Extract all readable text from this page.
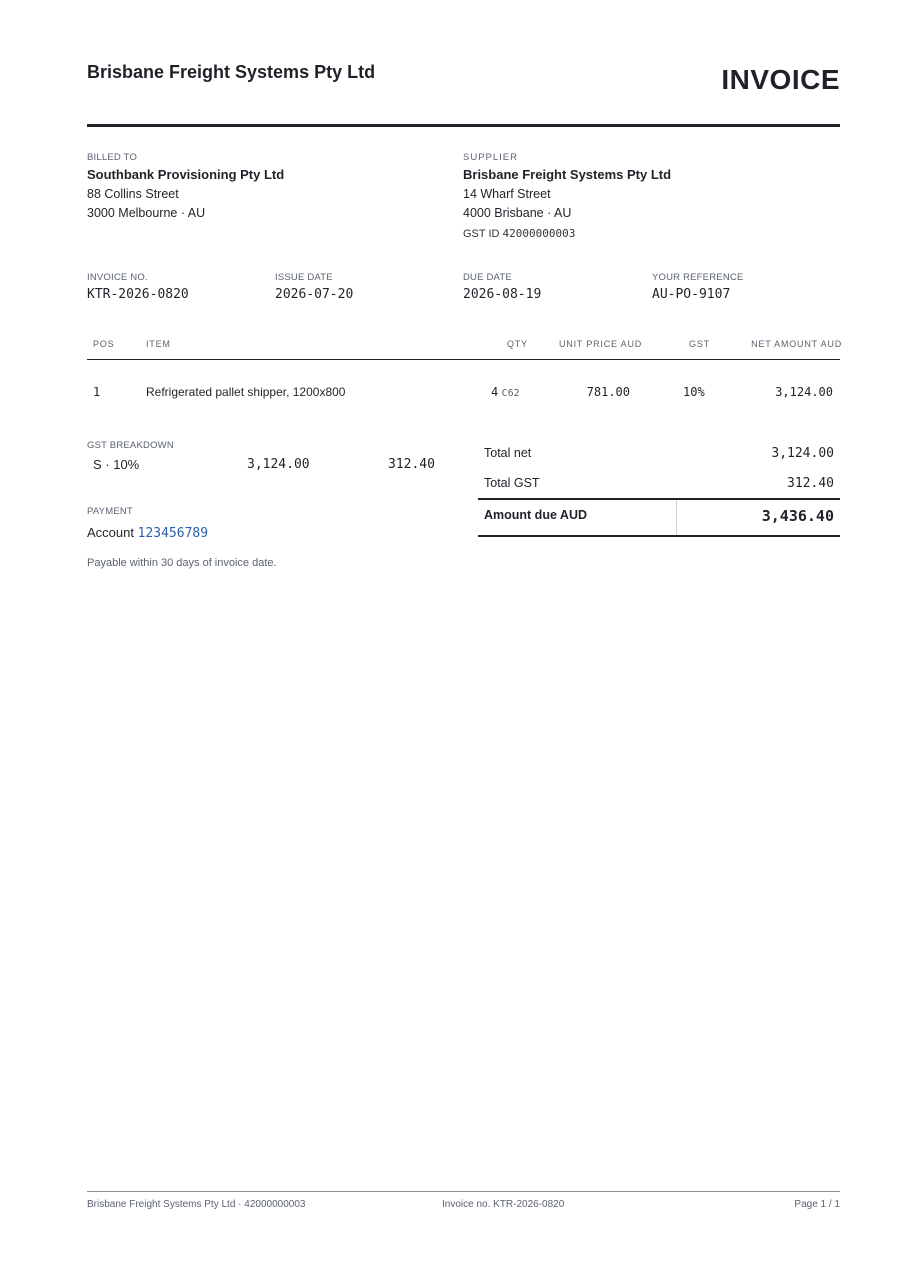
Brisbane Freight Systems Pty Ltd	INVOICE
BILLED TO
Southbank Provisioning Pty Ltd
88 Collins Street
3000 Melbourne · AU
SUPPLIER
Brisbane Freight Systems Pty Ltd
14 Wharf Street
4000 Brisbane · AU
GST ID 42000000003
INVOICE NO.
KTR-2026-0820
ISSUE DATE
2026-07-20
DUE DATE
2026-08-19
YOUR REFERENCE
AU-PO-9107
POS	ITEM	QTY	UNIT PRICE AUD	GST	NET AMOUNT AUD
1	Refrigerated pallet shipper, 1200x800	4 C62	781.00	10%	3,124.00
GST BREAKDOWN
S · 10%	3,124.00	312.40
PAYMENT
Account 123456789
Payable within 30 days of invoice date.
Total net	3,124.00
Total GST	312.40
Amount due AUD	3,436.40
Brisbane Freight Systems Pty Ltd · 42000000003	Invoice no. KTR-2026-0820	Page 1 / 1
